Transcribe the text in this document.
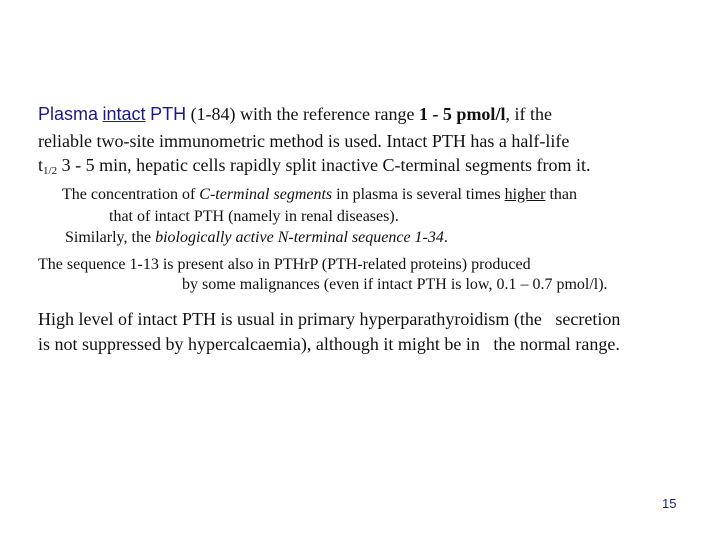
Plasma intact PTH (1-84) with the reference range 1 - 5 pmol/l, if the
reliable two-site immunometric method is used. Intact PTH has a half-life
$t_{1/2}$ 3 - 5 min, hepatic cells rapidly split inactive C-terminal segments from it.
The concentration of C-terminal segments in plasma is several times higher than
that of intact PTH (namely in renal diseases).
Similarly, the biologically active N-terminal sequence 1-34.
The sequence 1-13 is present also in PTHrP (PTH-related proteins) produced
by some malignances (even if intact PTH is low, 0.1 – 0.7 pmol/l).
High level of intact PTH is usual in primary hyperparathyroidism (the   secretion
is not suppressed by hypercalcaemia), although it might be in   the normal range.
15
